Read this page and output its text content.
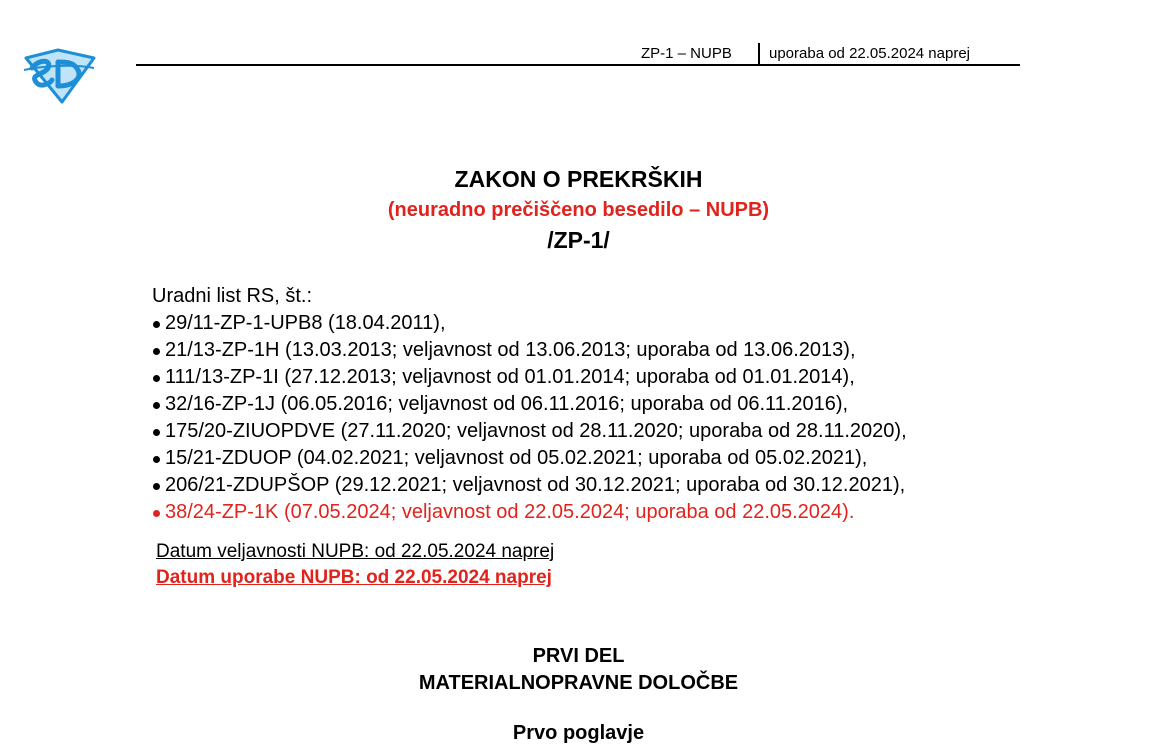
ZP-1 – NUPB uporaba od 22.05.2024 naprej
ZAKON O PREKRŠKIH
(neuradno prečiščeno besedilo – NUPB)
/ZP-1/
Uradni list RS, št.:
29/11-ZP-1-UPB8 (18.04.2011),
21/13-ZP-1H (13.03.2013; veljavnost od 13.06.2013; uporaba od 13.06.2013),
111/13-ZP-1I (27.12.2013; veljavnost od 01.01.2014; uporaba od 01.01.2014),
32/16-ZP-1J (06.05.2016; veljavnost od 06.11.2016; uporaba od 06.11.2016),
175/20-ZIUOPDVE (27.11.2020; veljavnost od 28.11.2020; uporaba od 28.11.2020),
15/21-ZDUOP (04.02.2021; veljavnost od 05.02.2021; uporaba od 05.02.2021),
206/21-ZDUPŠOP (29.12.2021; veljavnost od 30.12.2021; uporaba od 30.12.2021),
38/24-ZP-1K (07.05.2024; veljavnost od 22.05.2024; uporaba od 22.05.2024).
Datum veljavnosti NUPB: od 22.05.2024 naprej
Datum uporabe NUPB: od 22.05.2024 naprej
PRVI DEL
MATERIALNOPRAVNE DOLOČBE
Prvo poglavje
